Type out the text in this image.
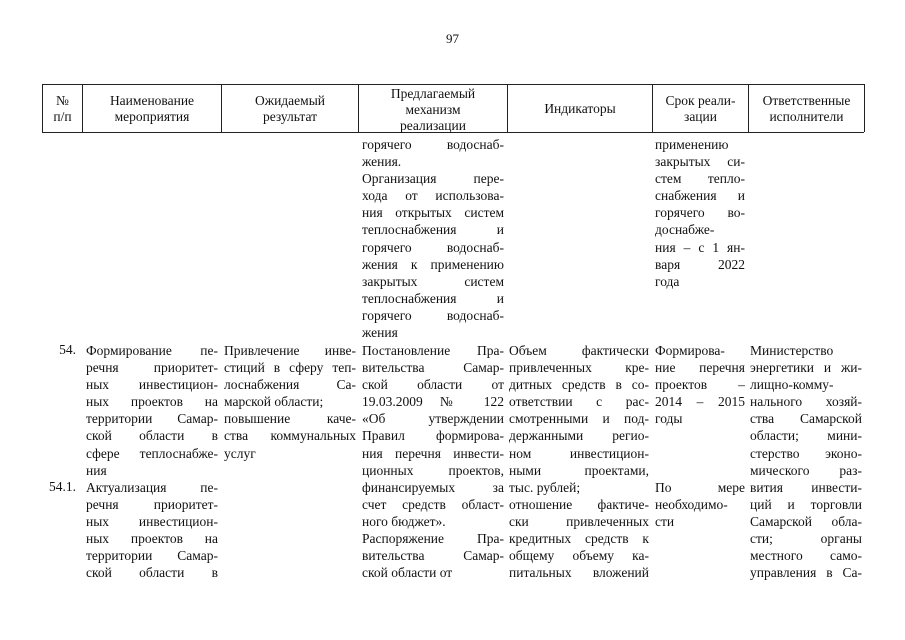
97
№
п/п
Наименование
мероприятия
Ожидаемый
результат
Предлагаемый
механизм
реализации
Индикаторы
Срок реали-
зации
Ответственные
исполнители
горячего водоснаб-
жения.
Организация пере-
хода от использова-
ния открытых систем
теплоснабжения и
горячего водоснаб-
жения к применению
закрытых систем
теплоснабжения и
горячего водоснаб-
жения
применению
закрытых си-
стем тепло-
снабжения и
горячего во-
доснабже-
ния – с 1 ян-
варя 2022
года
54. Формирование пе-
речня приоритет-
ных инвестицион-
ных проектов на
территории Самар-
ской области в
сфере теплоснабже-
ния
Привлечение инве-
стиций в сферу теп-
лоснабжения Са-
марской области;
повышение каче-
ства коммунальных
услуг
Постановление Пра-
вительства Самар-
ской области от
19.03.2009 № 122
«Об утверждении
Правил формирова-
ния перечня инвести-
ционных проектов,
финансируемых за
счет средств област-
ного бюджет».
Распоряжение Пра-
вительства Самар-
ской области от
Объем фактически
привлеченных кре-
дитных средств в со-
ответствии с рас-
смотренными и под-
держанными регио-
ном инвестицион-
ными проектами,
тыс. рублей;
отношение фактиче-
ски привлеченных
кредитных средств к
общему объему ка-
питальных вложений
Формирова-
ние перечня
проектов –
2014 – 2015
годы
Министерство
энергетики и жи-
лищно-комму-
нального хозяй-
ства Самарской
области; мини-
стерство эконо-
мического раз-
вития инвести-
ций и торговли
Самарской обла-
сти; органы
местного само-
управления в Са-
54.1. Актуализация пе-
речня приоритет-
ных инвестицион-
ных проектов на
территории Самар-
ской области в
По мере
необходимо-
сти
